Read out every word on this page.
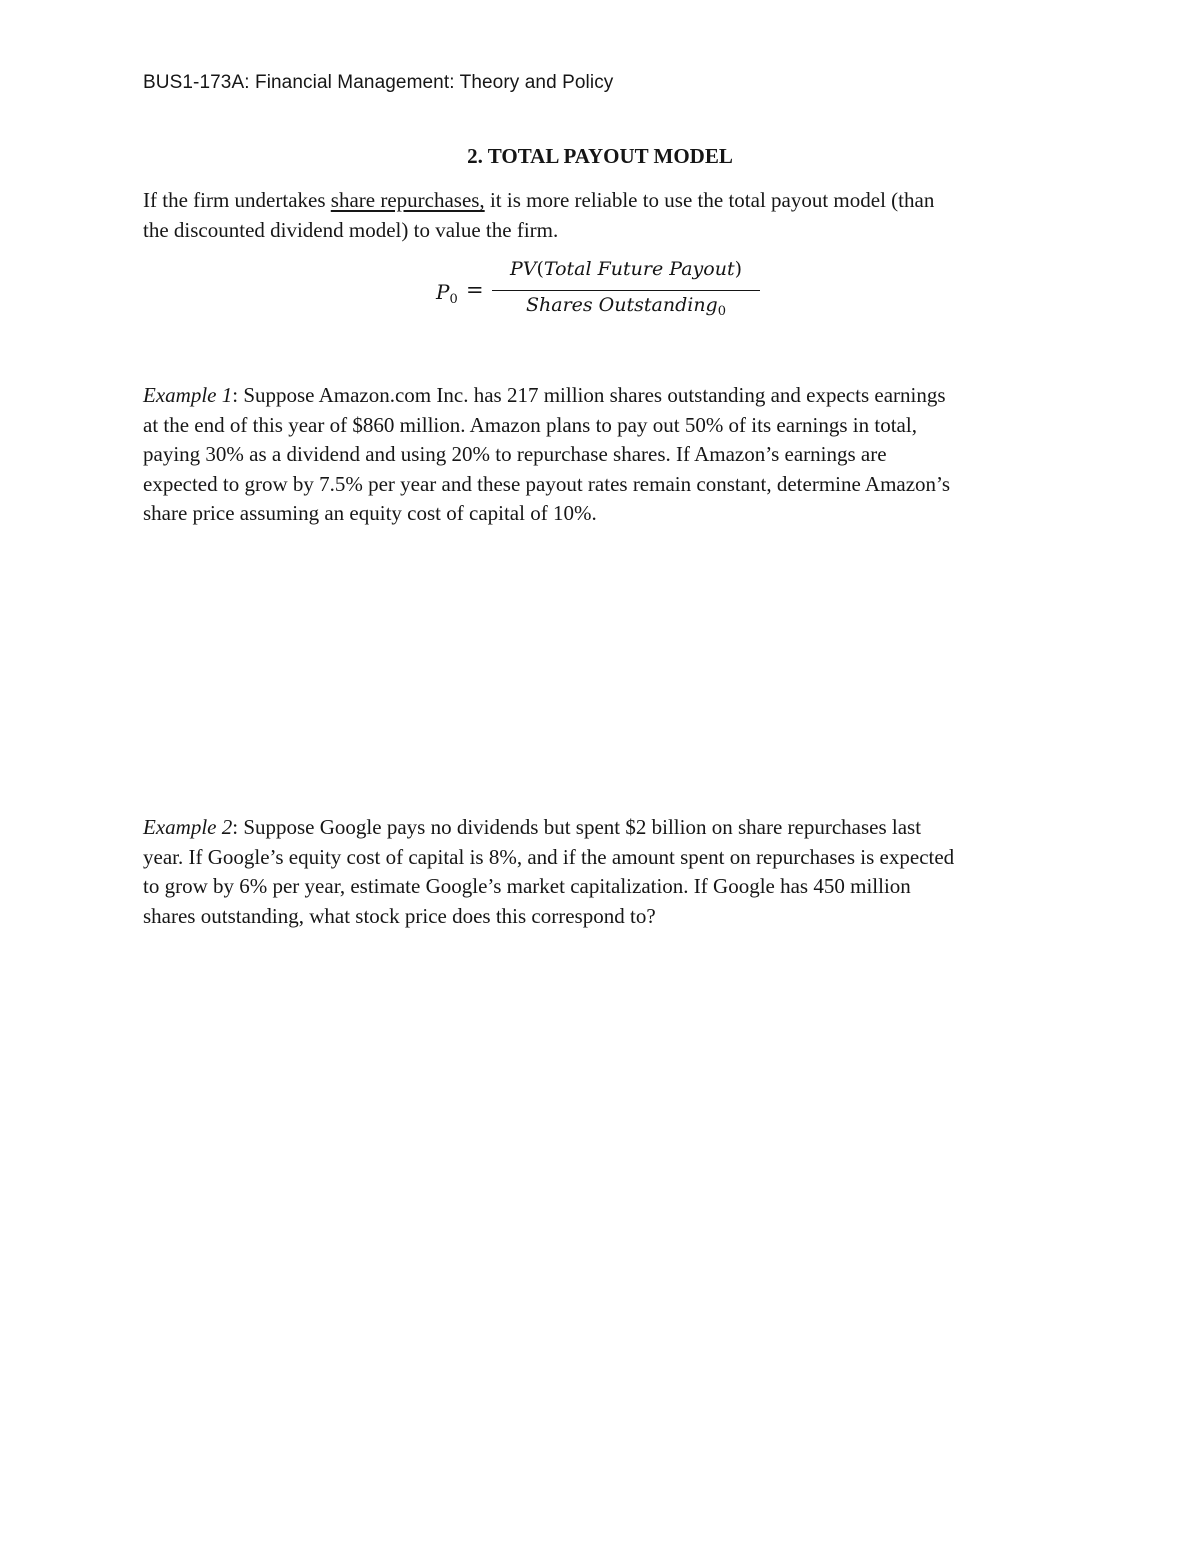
BUS1-173A: Financial Management: Theory and Policy
2. TOTAL PAYOUT MODEL
If the firm undertakes share repurchases, it is more reliable to use the total payout model (than
the discounted dividend model) to value the firm.
$P_0$ =
PV(Total Future Payout)
Shares Outstanding$_0$
Example 1: Suppose Amazon.com Inc. has 217 million shares outstanding and expects earnings
at the end of this year of $860 million. Amazon plans to pay out 50% of its earnings in total,
paying 30% as a dividend and using 20% to repurchase shares. If Amazon’s earnings are
expected to grow by 7.5% per year and these payout rates remain constant, determine Amazon’s
share price assuming an equity cost of capital of 10%.
Example 2: Suppose Google pays no dividends but spent $2 billion on share repurchases last
year. If Google’s equity cost of capital is 8%, and if the amount spent on repurchases is expected
to grow by 6% per year, estimate Google’s market capitalization. If Google has 450 million
shares outstanding, what stock price does this correspond to?
